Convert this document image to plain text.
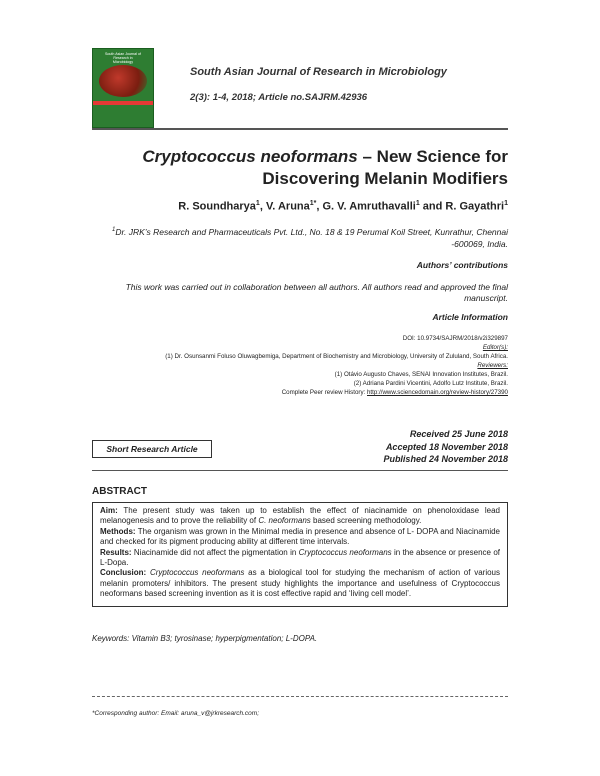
South Asian Journal of
Research in
Microbiology
South Asian Journal of Research in Microbiology
2(3): 1-4, 2018; Article no.SAJRM.42936
Cryptococcus neoformans – New Science for Discovering Melanin Modifiers
R. Soundharya$^1$, V. Aruna$^{1*}$, G. V. Amruthavalli$^1$ and R. Gayathri$^1$
$^1$Dr. JRK’s Research and Pharmaceuticals Pvt. Ltd., No. 18 & 19 Perumal Koil Street, Kunrathur, Chennai -600069, India.
Authors’ contributions
This work was carried out in collaboration between all authors. All authors read and approved the final manuscript.
Article Information
DOI: 10.9734/SAJRM/2018/v2i329897
Editor(s):
(1) Dr. Osunsanmi Foluso Oluwagbemiga, Department of Biochemistry and Microbiology, University of Zululand, South Africa.
Reviewers:
(1) Otávio Augusto Chaves, SENAI Innovation Institutes, Brazil.
(2) Adriana Pardini Vicentini, Adolfo Lutz Institute, Brazil.
Complete Peer review History: http://www.sciencedomain.org/review-history/27390
Short Research Article
Received 25 June 2018
Accepted 18 November 2018
Published 24 November 2018
ABSTRACT

Aim: The present study was taken up to establish the effect of niacinamide on phenoloxidase lead melanogenesis and to prove the reliability of C. neoformans based screening methodology.

Methods: The organism was grown in the Minimal media in presence and absence of L- DOPA and Niacinamide and checked for its pigment producing ability at different time intervals.

Results: Niacinamide did not affect the pigmentation in Cryptococcus neoformans in the absence or presence of L-Dopa.

Conclusion: Cryptococcus neoformans as a biological tool for studying the mechanism of action of various melanin promoters/ inhibitors. The present study highlights the importance and usefulness of Cryptococcus neoformans based screening invention as it is cost effective rapid and ‘living cell model’.

Keywords: Vitamin B3; tyrosinase; hyperpigmentation; L-DOPA.
*Corresponding author: Email: aruna_v@jrkresearch.com;
